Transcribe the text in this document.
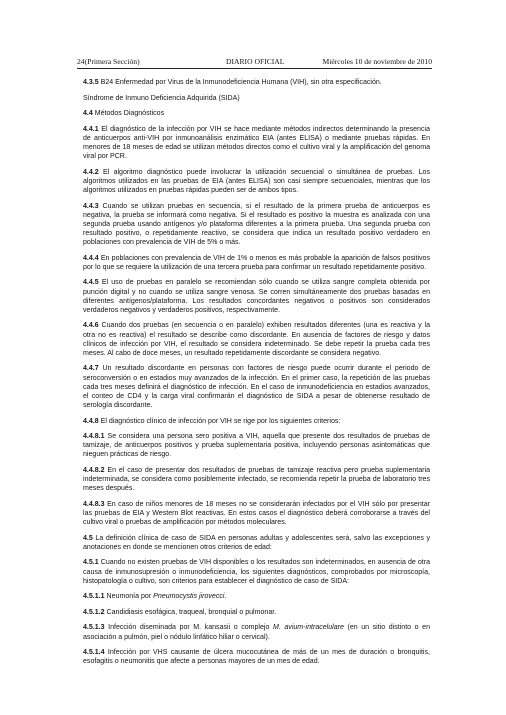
24
(Primera Sección)	DIARIO OFICIAL	Miércoles 10 de noviembre de 2010

4.3.5 B24 Enfermedad por Virus de la Inmunodeficiencia Humana (VIH), sin otra especificación.

Síndrome de Inmuno Deficiencia Adquirida (SIDA)

4.4 Métodos Diagnósticos

4.4.1 El diagnóstico de la infección por VIH se hace mediante métodos indirectos determinando la presencia de anticuerpos anti-VIH por inmunoanálisis enzimático EIA (antes ELISA) o mediante pruebas rápidas. En menores de 18 meses de edad se utilizan métodos directos como el cultivo viral y la amplificación del genoma viral por PCR.

4.4.2 El algoritmo diagnóstico puede involucrar la utilización secuencial o simultánea de pruebas. Los algoritmos utilizados en las pruebas de EIA (antes ELISA) son casi siempre secuenciales, mientras que los algoritmos utilizados en pruebas rápidas pueden ser de ambos tipos.

4.4.3 Cuando se utilizan pruebas en secuencia, si el resultado de la primera prueba de anticuerpos es negativa, la prueba se informará como negativa. Si el resultado es positivo la muestra es analizada con una segunda prueba usando antígenos y/o plataforma diferentes a la primera prueba. Una segunda prueba con resultado positivo, o repetidamente reactivo, se considera que indica un resultado positivo verdadero en poblaciones con prevalencia de VIH de 5% o más.

4.4.4 En poblaciones con prevalencia de VIH de 1% o menos es más probable la aparición de falsos positivos por lo que se requiere la utilización de una tercera prueba para confirmar un resultado repetidamente positivo.

4.4.5 El uso de pruebas en paralelo se recomiendan sólo cuando se utiliza sangre completa obtenida por punción digital y no cuando se utiliza sangre venosa. Se corren simultáneamente dos pruebas basadas en diferentes antígenos/plataforma. Los resultados concordantes negativos o positivos son considerados verdaderos negativos y verdaderos positivos, respectivamente.

4.4.6 Cuando dos pruebas (en secuencia o en paralelo) exhiben resultados diferentes (una es reactiva y la otra no es reactiva) el resultado se describe como discordante. En ausencia de factores de riesgo y datos clínicos de infección por VIH, el resultado se considera indeterminado. Se debe repetir la prueba cada tres meses. Al cabo de doce meses, un resultado repetidamente discordante se considera negativo.

4.4.7 Un resultado discordante en personas con factores de riesgo puede ocurrir durante el periodo de seroconversión o en estadios muy avanzados de la infección. En el primer caso, la repetición de las pruebas cada tres meses definirá el diagnóstico de infección. En el caso de inmunodeficiencia en estadios avanzados, el conteo de CD4 y la carga viral confirmarán el diagnóstico de SIDA a pesar de obtenerse resultado de serología discordante.

4.4.8 El diagnóstico clínico de infección por VIH se rige por los siguientes criterios:

4.4.8.1 Se considera una persona sero positiva a VIH, aquella que presente dos resultados de pruebas de tamizaje, de anticuerpos positivos y prueba suplementaria positiva, incluyendo personas asintomáticas que nieguen prácticas de riesgo.

4.4.8.2 En el caso de presentar dos resultados de pruebas de tamizaje reactiva pero prueba suplementaria indeterminada, se considera como posiblemente infectado, se recomienda repetir la prueba de laboratorio tres meses después.

4.4.8.3 En caso de niños menores de 18 meses no se considerarán infectados por el VIH sólo por presentar las pruebas de EIA y Western Blot reactivas. En estos casos el diagnóstico deberá corroborarse a través del cultivo viral o pruebas de amplificación por métodos moleculares.

4.5 La definición clínica de caso de SIDA en personas adultas y adolescentes será, salvo las excepciones y anotaciones en donde se mencionen otros criterios de edad:

4.5.1 Cuando no existen pruebas de VIH disponibles o los resultados son indeterminados, en ausencia de otra causa de inmunosupresión o inmunodeficiencia, los siguientes diagnósticos, comprobados por microscopía, histopatología o cultivo, son criterios para establecer el diagnóstico de caso de SIDA:

4.5.1.1 Neumonía por Pneumocystis jirovecci.

4.5.1.2 Candidiasis esofágica, traqueal, bronquial o pulmonar.

4.5.1.3 Infección diseminada por M. kansasii o complejo M. avium-intracelulare (en un sitio distinto o en asociación a pulmón, piel o nódulo linfático hiliar o cervical).

4.5.1.4 Infección por VHS causante de úlcera mucocutánea de más de un mes de duración o bronquitis, esofagitis o neumonitis que afecte a personas mayores de un mes de edad.
